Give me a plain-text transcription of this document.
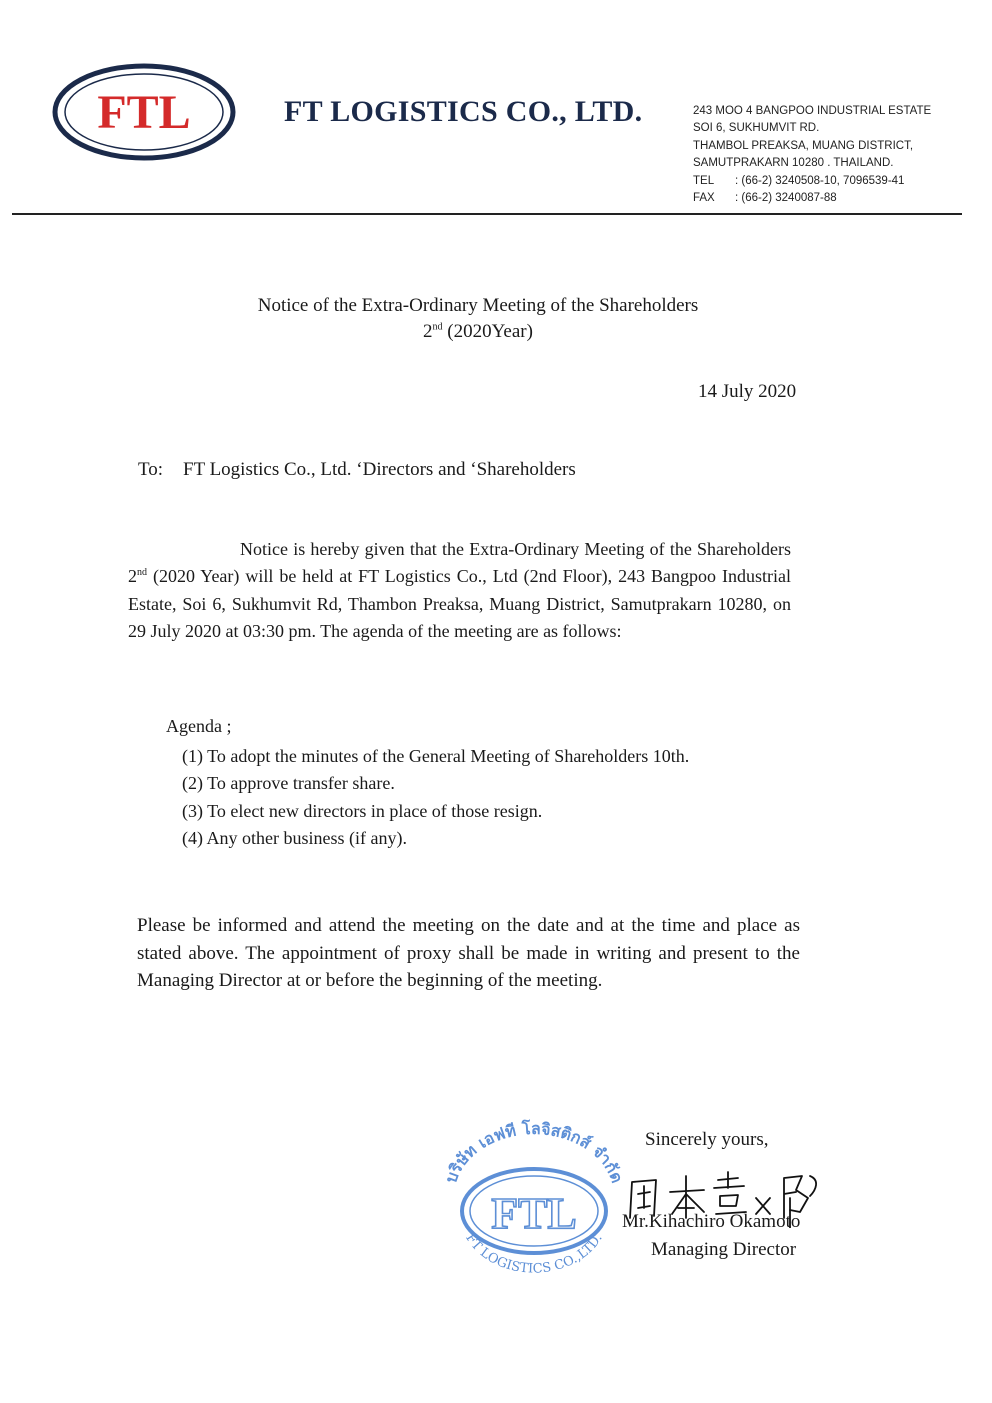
FTL	FT LOGISTICS CO., LTD.	243 MOO 4 BANGPOO INDUSTRIAL ESTATE
SOI 6, SUKHUMVIT RD.
THAMBOL PREAKSA, MUANG DISTRICT,
SAMUTPRAKARN 10280 . THAILAND.
TEL : (66-2) 3240508-10, 7096539-41
FAX : (66-2) 3240087-88
Notice of the Extra-Ordinary Meeting of the Shareholders
2nd (2020Year)
14 July 2020
To: FT Logistics Co., Ltd. ‘Directors and ‘Shareholders
Notice is hereby given that the Extra-Ordinary Meeting of the Shareholders 2nd (2020 Year) will be held at FT Logistics Co., Ltd (2nd Floor), 243 Bangpoo Industrial Estate, Soi 6, Sukhumvit Rd, Thambon Preaksa, Muang District, Samutprakarn 10280, on 29 July 2020 at 03:30 pm. The agenda of the meeting are as follows:
Agenda ;
(1) To adopt the minutes of the General Meeting of Shareholders 10th.
(2) To approve transfer share.
(3) To elect new directors in place of those resign.
(4) Any other business (if any).
Please be informed and attend the meeting on the date and at the time and place as stated above. The appointment of proxy shall be made in writing and present to the Managing Director at or before the beginning of the meeting.
บริษัท เอฟที โลจิสติกส์ จำกัด
FTL
FT LOGISTICS CO.,LTD.
Sincerely yours,
Mr.Kihachiro Okamoto
Managing Director
